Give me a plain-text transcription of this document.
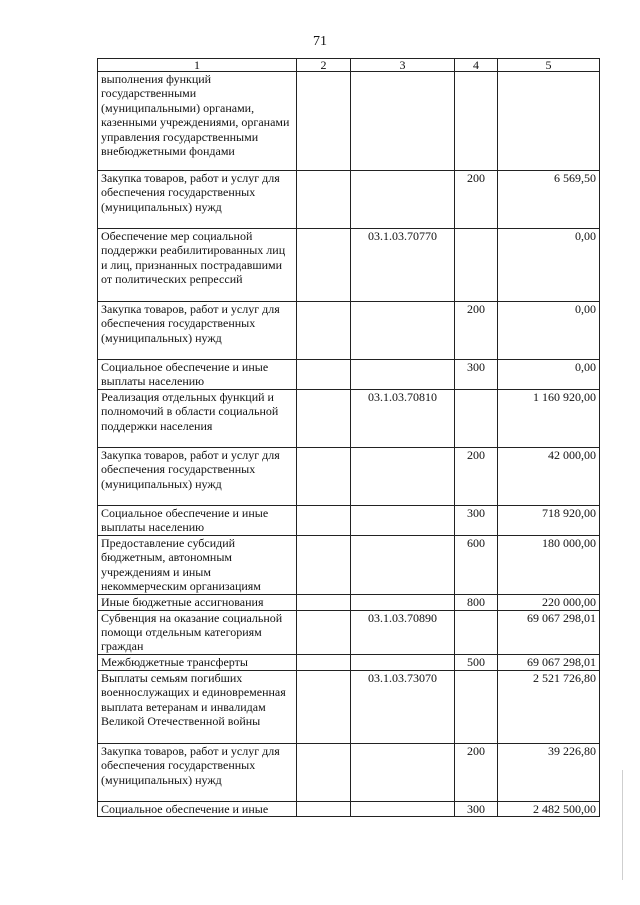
71
1	2	3	4	5
выполнения функций государственными (муниципальными) органами, казенными учреждениями, органами управления государственными внебюджетными фондами				
Закупка товаров, работ и услуг для обеспечения государственных (муниципальных) нужд			200	6 569,50
Обеспечение мер социальной поддержки реабилитированных лиц и лиц, признанных пострадавшими от политических репрессий		03.1.03.70770		0,00
Закупка товаров, работ и услуг для обеспечения государственных (муниципальных) нужд			200	0,00
Социальное обеспечение и иные выплаты населению			300	0,00
Реализация отдельных функций и полномочий в области социальной поддержки населения		03.1.03.70810		1 160 920,00
Закупка товаров, работ и услуг для обеспечения государственных (муниципальных) нужд			200	42 000,00
Социальное обеспечение и иные выплаты населению			300	718 920,00
Предоставление субсидий бюджетным, автономным учреждениям и иным некоммерческим организациям			600	180 000,00
Иные бюджетные ассигнования			800	220 000,00
Субвенция на оказание социальной помощи отдельным категориям граждан		03.1.03.70890		69 067 298,01
Межбюджетные трансферты			500	69 067 298,01
Выплаты семьям погибших военнослужащих и единовременная выплата ветеранам и инвалидам Великой Отечественной войны		03.1.03.73070		2 521 726,80
Закупка товаров, работ и услуг для обеспечения государственных (муниципальных) нужд			200	39 226,80
Социальное обеспечение и иные			300	2 482 500,00
